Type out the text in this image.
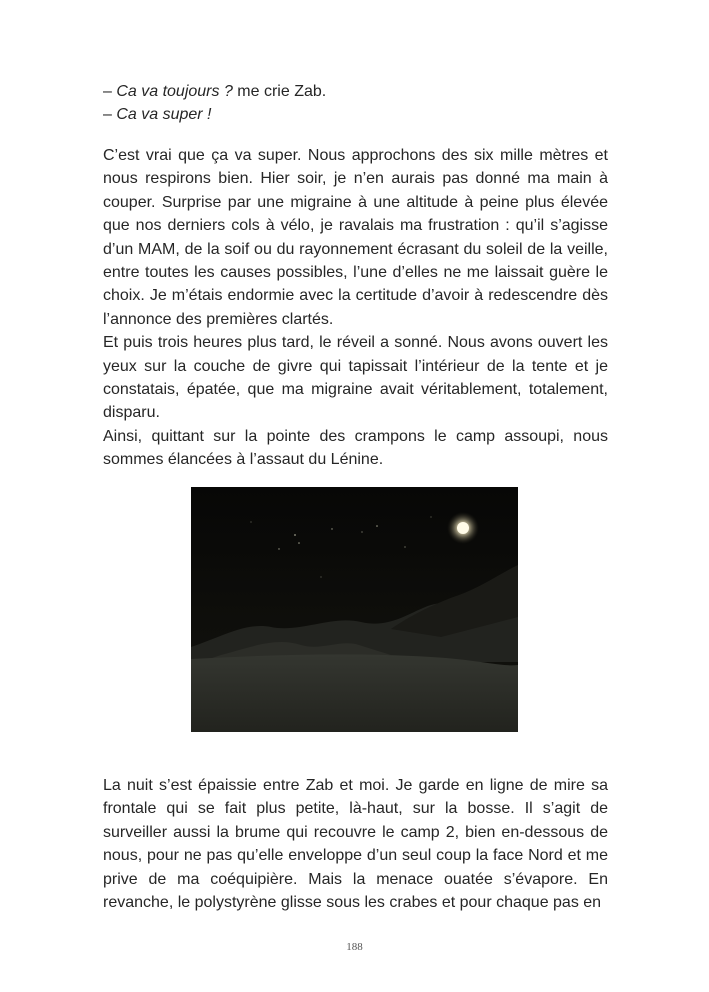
– Ca va toujours ? me crie Zab.

– Ca va super !

C’est vrai que ça va super. Nous approchons des six mille mètres et nous respirons bien. Hier soir, je n’en aurais pas donné ma main à couper. Surprise par une migraine à une altitude à peine plus élevée que nos derniers cols à vélo, je ravalais ma frustration : qu’il s’agisse d’un MAM, de la soif ou du rayonnement écrasant du soleil de la veille, entre toutes les causes possibles, l’une d’elles ne me laissait guère le choix. Je m’étais endormie avec la certitude d’avoir à redescendre dès l’annonce des premières clartés.

Et puis trois heures plus tard, le réveil a sonné. Nous avons ouvert les yeux sur la couche de givre qui tapissait l’intérieur de la tente et je constatais, épatée, que ma migraine avait véritablement, totalement, disparu.

Ainsi, quittant sur la pointe des crampons le camp assoupi, nous sommes élancées à l’assaut du Lénine.

La nuit s’est épaissie entre Zab et moi. Je garde en ligne de mire sa frontale qui se fait plus petite, là-haut, sur la bosse. Il s’agit de surveiller aussi la brume qui recouvre le camp 2, bien en-dessous de nous, pour ne pas qu’elle enveloppe d’un seul coup la face Nord et me prive de ma coéquipière. Mais la menace ouatée s’évapore. En revanche, le polystyrène glisse sous les crabes et pour chaque pas en

188
